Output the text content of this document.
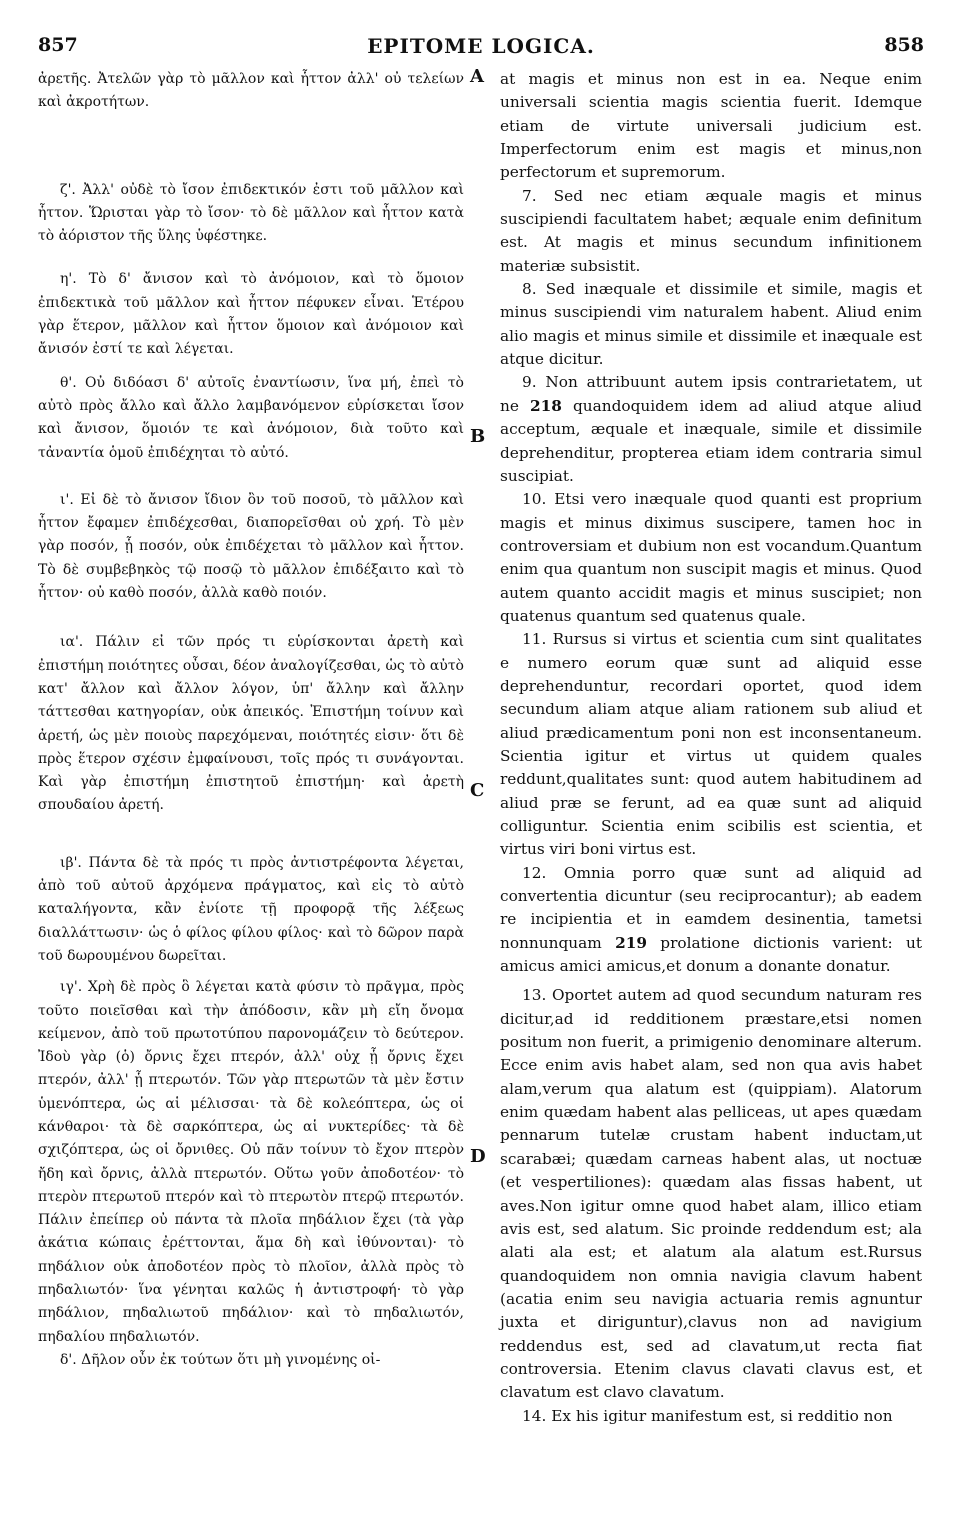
857	EPITOME LOGICA.	858
A
B
C
D

ἀρετῆς. Ἀτελῶν γὰρ τὸ μᾶλλον καὶ ἧττον ἀλλ' οὐ τελείων καὶ ἀκροτήτων.

ζ'. Ἀλλ' οὐδὲ τὸ ἴσον ἐπιδεκτικόν ἐστι τοῦ μᾶλλον καὶ ἧττον. Ὥρισται γὰρ τὸ ἴσον· τὸ δὲ μᾶλλον καὶ ἧττον κατὰ τὸ ἀόριστον τῆς ὕλης ὑφέστηκε.

η'. Τὸ δ' ἄνισον καὶ τὸ ἀνόμοιον, καὶ τὸ ὅμοιον ἐπιδεκτικὰ τοῦ μᾶλλον καὶ ἧττον πέφυκεν εἶναι. Ἑτέρου γὰρ ἕτερον, μᾶλλον καὶ ἧττον ὅμοιον καὶ ἀνόμοιον καὶ ἄνισόν ἐστί τε καὶ λέγεται.

θ'. Οὐ διδόασι δ' αὐτοῖς ἐναντίωσιν, ἵνα μή, ἐπεὶ τὸ αὐτὸ πρὸς ἄλλο καὶ ἄλλο λαμβανόμενον εὑρίσκεται ἴσον καὶ ἄνισον, ὅμοιόν τε καὶ ἀνόμοιον, διὰ τοῦτο καὶ τἀναντία ὁμοῦ ἐπιδέχηται τὸ αὐτό.

ι'. Εἰ δὲ τὸ ἄνισον ἴδιον ὂν τοῦ ποσοῦ, τὸ μᾶλλον καὶ ἧττον ἔφαμεν ἐπιδέχεσθαι, διαπορεῖσθαι οὐ χρή. Τὸ μὲν γὰρ ποσόν, ᾗ ποσόν, οὐκ ἐπιδέχεται τὸ μᾶλλον καὶ ἧττον. Τὸ δὲ συμβεβηκὸς τῷ ποσῷ τὸ μᾶλλον ἐπιδέξαιτο καὶ τὸ ἧττον· οὐ καθὸ ποσόν, ἀλλὰ καθὸ ποιόν.

ια'. Πάλιν εἰ τῶν πρός τι εὑρίσκονται ἀρετὴ καὶ ἐπιστήμη ποιότητες οὖσαι, δέον ἀναλογίζεσθαι, ὡς τὸ αὐτὸ κατ' ἄλλον καὶ ἄλλον λόγον, ὑπ' ἄλλην καὶ ἄλλην τάττεσθαι κατηγορίαν, οὐκ ἀπεικός. Ἐπιστήμη τοίνυν καὶ ἀρετή, ὡς μὲν ποιοὺς παρεχόμεναι, ποιότητές εἰσιν· ὅτι δὲ πρὸς ἕτερον σχέσιν ἐμφαίνουσι, τοῖς πρός τι συνάγονται. Καὶ γὰρ ἐπιστήμη ἐπιστητοῦ ἐπιστήμη· καὶ ἀρετὴ σπουδαίου ἀρετή.

ιβ'. Πάντα δὲ τὰ πρός τι πρὸς ἀντιστρέφοντα λέγεται, ἀπὸ τοῦ αὐτοῦ ἀρχόμενα πράγματος, καὶ εἰς τὸ αὐτὸ καταλήγοντα, κἂν ἐνίοτε τῇ προφορᾷ τῆς λέξεως διαλλάττωσιν· ὡς ὁ φίλος φίλου φίλος· καὶ τὸ δῶρον παρὰ τοῦ δωρουμένου δωρεῖται.

ιγ'. Χρὴ δὲ πρὸς ὃ λέγεται κατὰ φύσιν τὸ πρᾶγμα, πρὸς τοῦτο ποιεῖσθαι καὶ τὴν ἀπόδοσιν, κἂν μὴ εἴη ὄνομα κείμενον, ἀπὸ τοῦ πρωτοτύπου παρονομάζειν τὸ δεύτερον. Ἰδοὺ γὰρ (ὁ) ὄρνις ἔχει πτερόν, ἀλλ' οὐχ ᾗ ὄρνις ἔχει πτερόν, ἀλλ' ᾗ πτερωτόν. Τῶν γὰρ πτερωτῶν τὰ μὲν ἔστιν ὑμενόπτερα, ὡς αἱ μέλισσαι· τὰ δὲ κολεόπτερα, ὡς οἱ κάνθαροι· τὰ δὲ σαρκόπτερα, ὡς αἱ νυκτερίδες· τὰ δὲ σχιζόπτερα, ὡς οἱ ὄρνιθες. Οὐ πᾶν τοίνυν τὸ ἔχον πτερὸν ἤδη καὶ ὄρνις, ἀλλὰ πτερωτόν. Οὕτω γοῦν ἀποδοτέον· τὸ πτερὸν πτερωτοῦ πτερόν καὶ τὸ πτερωτὸν πτερῷ πτερωτόν. Πάλιν ἐπείπερ οὐ πάντα τὰ πλοῖα πηδάλιον ἔχει (τὰ γὰρ ἀκάτια κώπαις ἐρέττονται, ἅμα δὴ καὶ ἰθύνονται)· τὸ πηδάλιον οὐκ ἀποδοτέον πρὸς τὸ πλοῖον, ἀλλὰ πρὸς τὸ πηδαλιωτόν· ἵνα γένηται καλῶς ἡ ἀντιστροφή· τὸ γὰρ πηδάλιον, πηδαλιωτοῦ πηδάλιον· καὶ τὸ πηδαλιωτόν, πηδαλίου πηδαλιωτόν.

δ'. Δῆλον οὖν ἐκ τούτων ὅτι μὴ γινομένης οἰ-

at magis et minus non est in ea. Neque enim universali scientia magis scientia fuerit. Idemque etiam de virtute universali judicium est. Imperfectorum enim est magis et minus,non perfectorum et supremorum.

7. Sed nec etiam æquale magis et minus suscipiendi facultatem habet; æquale enim definitum est. At magis et minus secundum infinitionem materiæ subsistit.

8. Sed inæquale et dissimile et simile, magis et minus suscipiendi vim naturalem habent. Aliud enim alio magis et minus simile et dissimile et inæquale est atque dicitur.

9. Non attribuunt autem ipsis contrarietatem, ut ne 218 quandoquidem idem ad aliud atque aliud acceptum, æquale et inæquale, simile et dissimile deprehenditur, propterea etiam idem contraria simul suscipiat.

10. Etsi vero inæquale quod quanti est proprium magis et minus diximus suscipere, tamen hoc in controversiam et dubium non est vocandum.Quantum enim qua quantum non suscipit magis et minus. Quod autem quanto accidit magis et minus suscipiet; non quatenus quantum sed quatenus quale.

11. Rursus si virtus et scientia cum sint qualitates e numero eorum quæ sunt ad aliquid esse deprehenduntur, recordari oportet, quod idem secundum aliam atque aliam rationem sub aliud et aliud prædicamentum poni non est inconsentaneum. Scientia igitur et virtus ut quidem quales reddunt,qualitates sunt: quod autem habitudinem ad aliud præ se ferunt, ad ea quæ sunt ad aliquid colliguntur. Scientia enim scibilis est scientia, et virtus viri boni virtus est.

12. Omnia porro quæ sunt ad aliquid ad convertentia dicuntur (seu reciprocantur); ab eadem re incipientia et in eamdem desinentia, tametsi nonnunquam 219 prolatione dictionis varient: ut amicus amici amicus,et donum a donante donatur.

13. Oportet autem ad quod secundum naturam res dicitur,ad id redditionem præstare,etsi nomen positum non fuerit, a primigenio denominare alterum. Ecce enim avis habet alam, sed non qua avis habet alam,verum qua alatum est (quippiam). Alatorum enim quædam habent alas pelliceas, ut apes quædam pennarum tutelæ crustam habent inductam,ut scarabæi; quædam carneas habent alas, ut noctuæ (et vespertiliones): quædam alas fissas habent, ut aves.Non igitur omne quod habet alam, illico etiam avis est, sed alatum. Sic proinde reddendum est; ala alati ala est; et alatum ala alatum est.Rursus quandoquidem non omnia navigia clavum habent (acatia enim seu navigia actuaria remis agnuntur juxta et diriguntur),clavus non ad navigium reddendus est, sed ad clavatum,ut recta fiat controversia. Etenim clavus clavati clavus est, et clavatum est clavo clavatum.

14. Ex his igitur manifestum est, si redditio non
